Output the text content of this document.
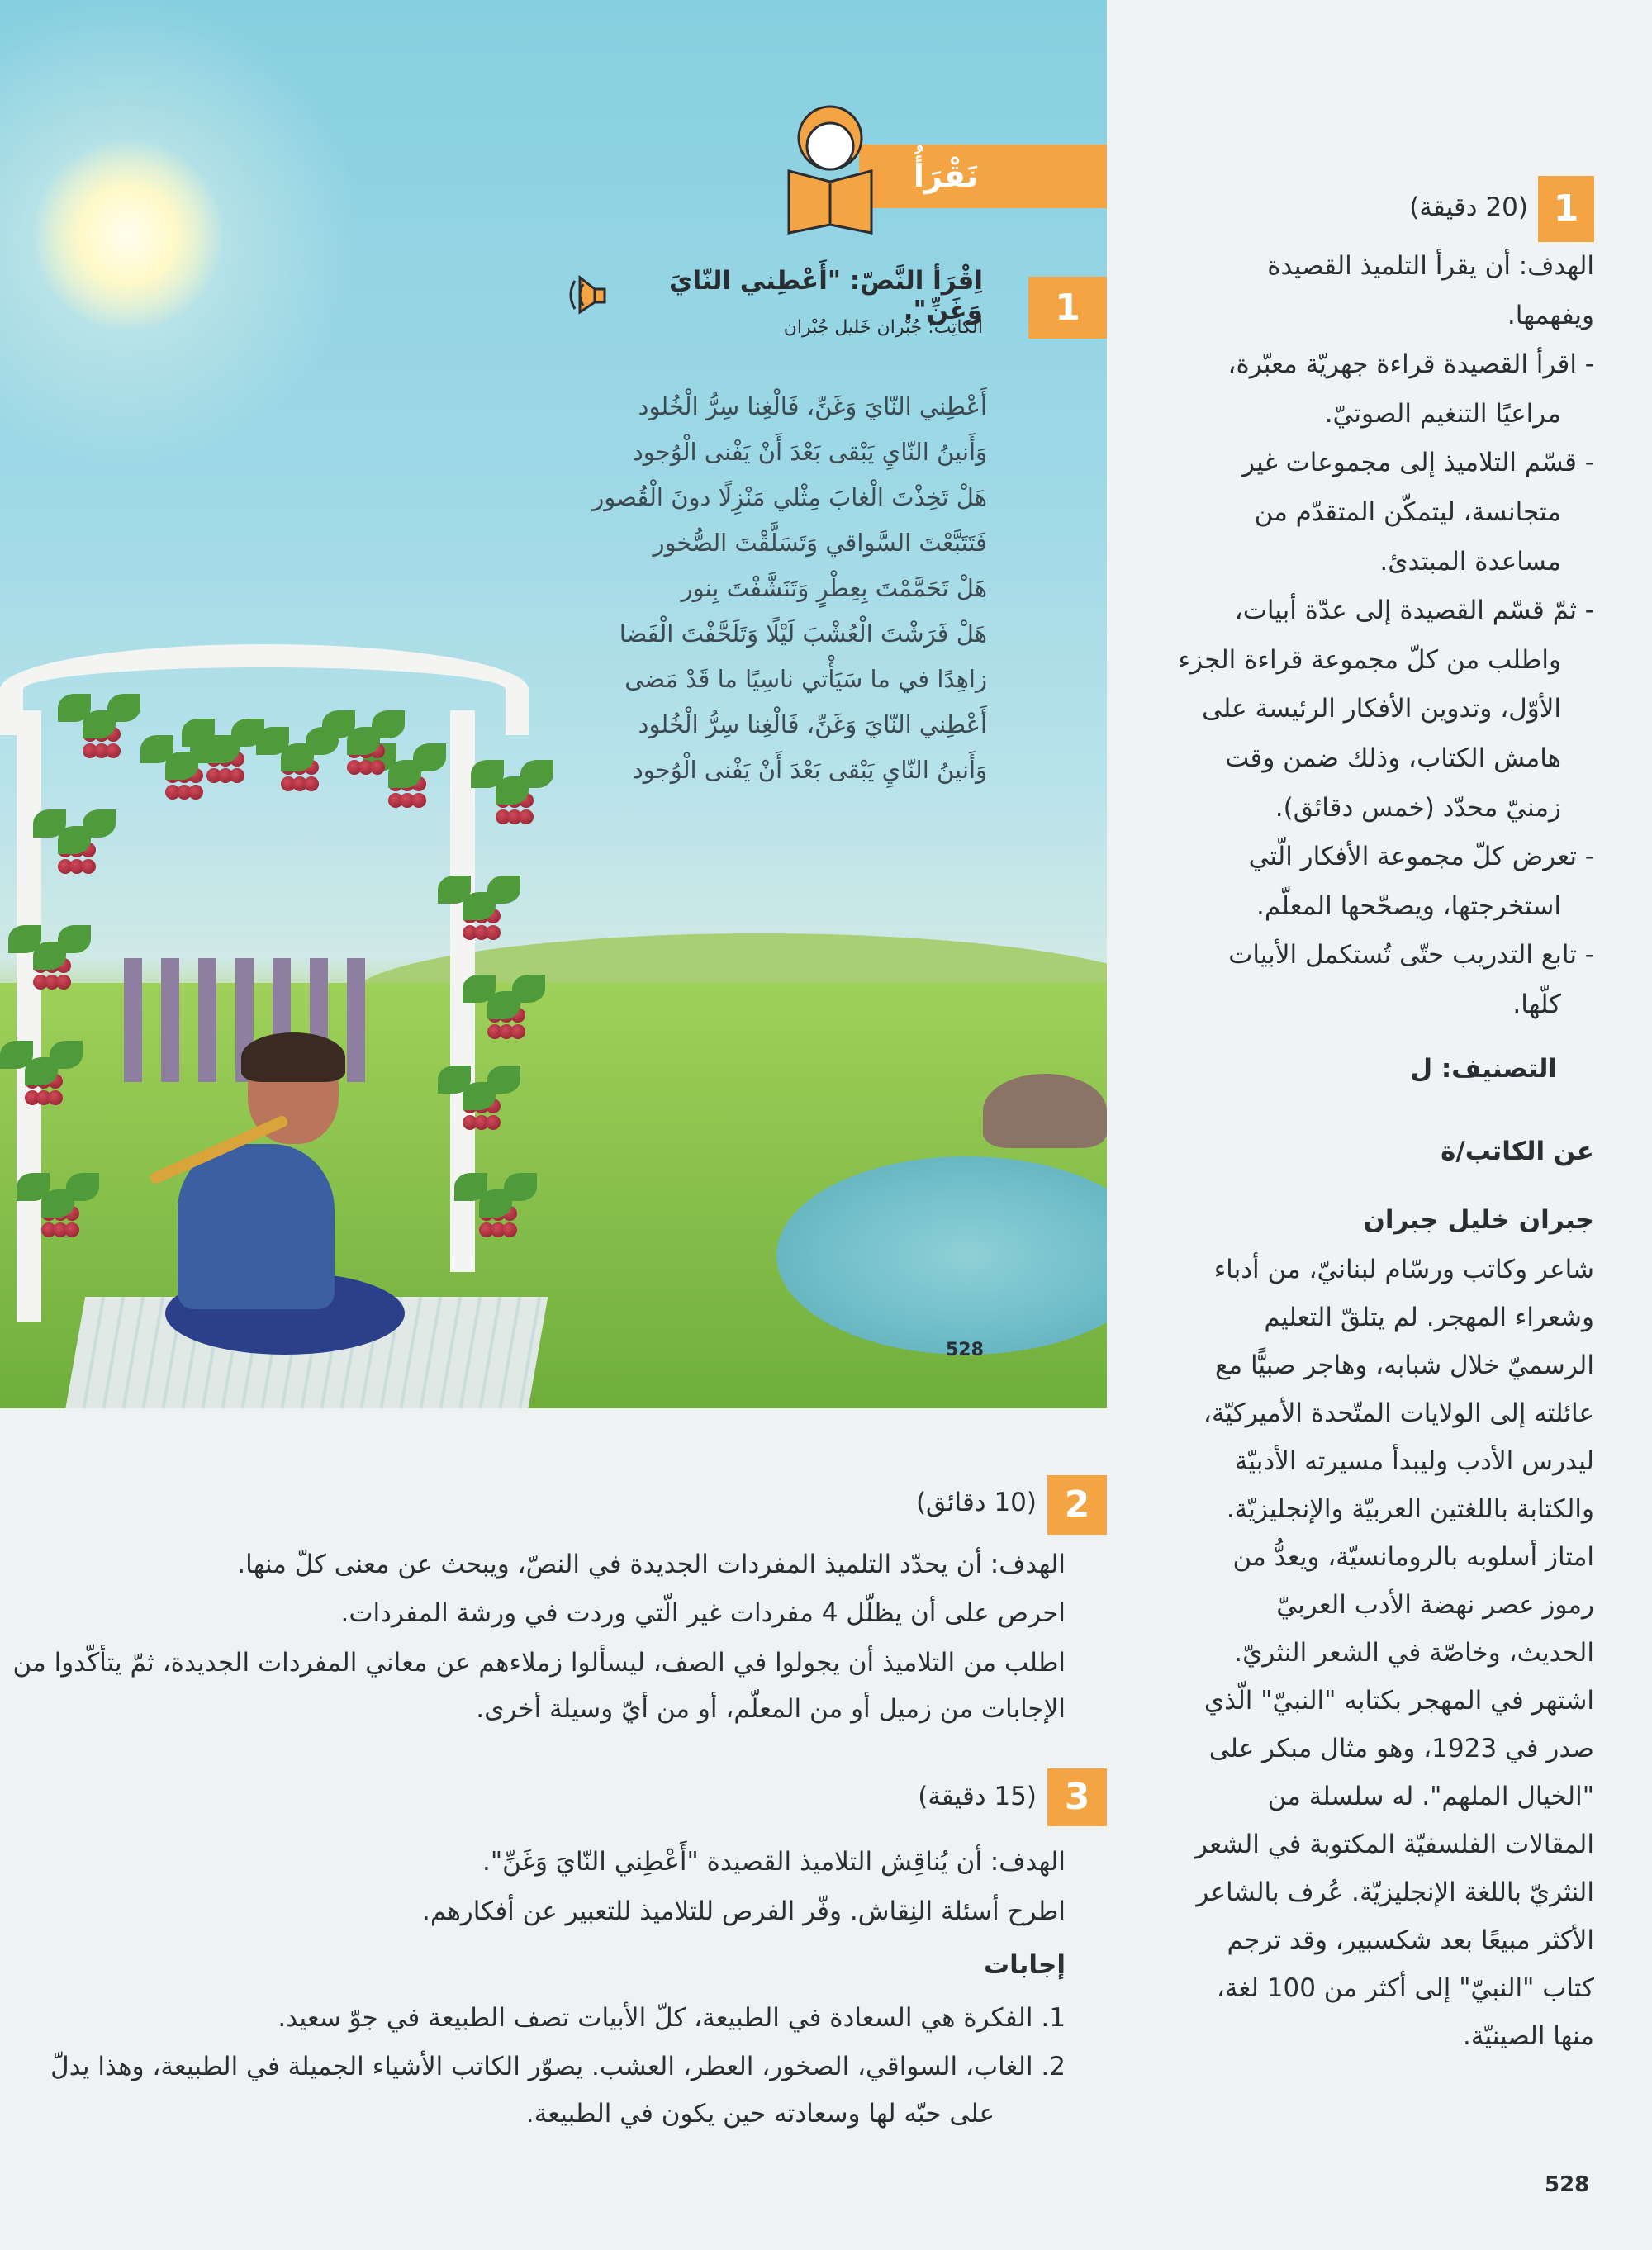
نَقْرَأُ
1
اِقْرَأ النَّصّ: "أَعْطِني النّايَ وَغَنِّ".
الكاتِبُ: جُبْران خَليل جُبْران
أَعْطِني النّايَ وَغَنِّ، فَالْغِنا سِرُّ الْخُلود
وَأَنينُ النّايِ يَبْقى بَعْدَ أَنْ يَفْنى الْوُجود
هَلْ تَخِذْتَ الْغابَ مِثْلي مَنْزِلًا دونَ الْقُصور
فَتَتَبَّعْتَ السَّواقي وَتَسَلَّقْتَ الصُّخور
هَلْ تَحَمَّمْتَ بِعِطْرٍ وَتَنَشَّفْتَ بِنور
هَلْ فَرَشْتَ الْعُشْبَ لَيْلًا وَتَلَحَّفْتَ الْفَضا
زاهِدًا في ما سَيَأْتي ناسِيًا ما قَدْ مَضى
أَعْطِني النّايَ وَغَنِّ، فَالْغِنا سِرُّ الْخُلود
وَأَنينُ النّايِ يَبْقى بَعْدَ أَنْ يَفْنى الْوُجود
528
1
(20 دقيقة)
الهدف: أن يقرأ التلميذ القصيدة
ويفهمها.
- اقرأ القصيدة قراءة جهريّة معبّرة،
مراعيًا التنغيم الصوتيّ.
- قسّم التلاميذ إلى مجموعات غير
متجانسة، ليتمكّن المتقدّم من
مساعدة المبتدئ.
- ثمّ قسّم القصيدة إلى عدّة أبيات،
واطلب من كلّ مجموعة قراءة الجزء
الأوّل، وتدوين الأفكار الرئيسة على
هامش الكتاب، وذلك ضمن وقت
زمنيّ محدّد (خمس دقائق).
- تعرض كلّ مجموعة الأفكار الّتي
استخرجتها، ويصحّحها المعلّم.
- تابع التدريب حتّى تُستكمل الأبيات
كلّها.
التصنيف: ل
عن الكاتب/ة
جبران خليل جبران
شاعر وكاتب ورسّام لبنانيّ، من أدباء
وشعراء المهجر. لم يتلقّ التعليم
الرسميّ خلال شبابه، وهاجر صبيًّا مع
عائلته إلى الولايات المتّحدة الأميركيّة،
ليدرس الأدب وليبدأ مسيرته الأدبيّة
والكتابة باللغتين العربيّة والإنجليزيّة.
امتاز أسلوبه بالرومانسيّة، ويعدُّ من
رموز عصر نهضة الأدب العربيّ
الحديث، وخاصّة في الشعر النثريّ.
اشتهر في المهجر بكتابه "النبيّ" الّذي
صدر في 1923، وهو مثال مبكر على
"الخيال الملهم". له سلسلة من
المقالات الفلسفيّة المكتوبة في الشعر
النثريّ باللغة الإنجليزيّة. عُرف بالشاعر
الأكثر مبيعًا بعد شكسبير، وقد ترجم
كتاب "النبيّ" إلى أكثر من 100 لغة،
منها الصينيّة.
2
(10 دقائق)
الهدف: أن يحدّد التلميذ المفردات الجديدة في النصّ، ويبحث عن معنى كلّ منها.
احرص على أن يظلّل 4 مفردات غير الّتي وردت في ورشة المفردات.
اطلب من التلاميذ أن يجولوا في الصف، ليسألوا زملاءهم عن معاني المفردات الجديدة، ثمّ يتأكّدوا من
الإجابات من زميل أو من المعلّم، أو من أيّ وسيلة أخرى.
3
(15 دقيقة)
الهدف: أن يُناقِش التلاميذ القصيدة "أَعْطِني النّايَ وَغَنِّ".
اطرح أسئلة النِقاش. وفّر الفرص للتلاميذ للتعبير عن أفكارهم.
إجابات
1. الفكرة هي السعادة في الطبيعة، كلّ الأبيات تصف الطبيعة في جوّ سعيد.
2. الغاب، السواقي، الصخور، العطر، العشب. يصوّر الكاتب الأشياء الجميلة في الطبيعة، وهذا يدلّ
على حبّه لها وسعادته حين يكون في الطبيعة.
528
